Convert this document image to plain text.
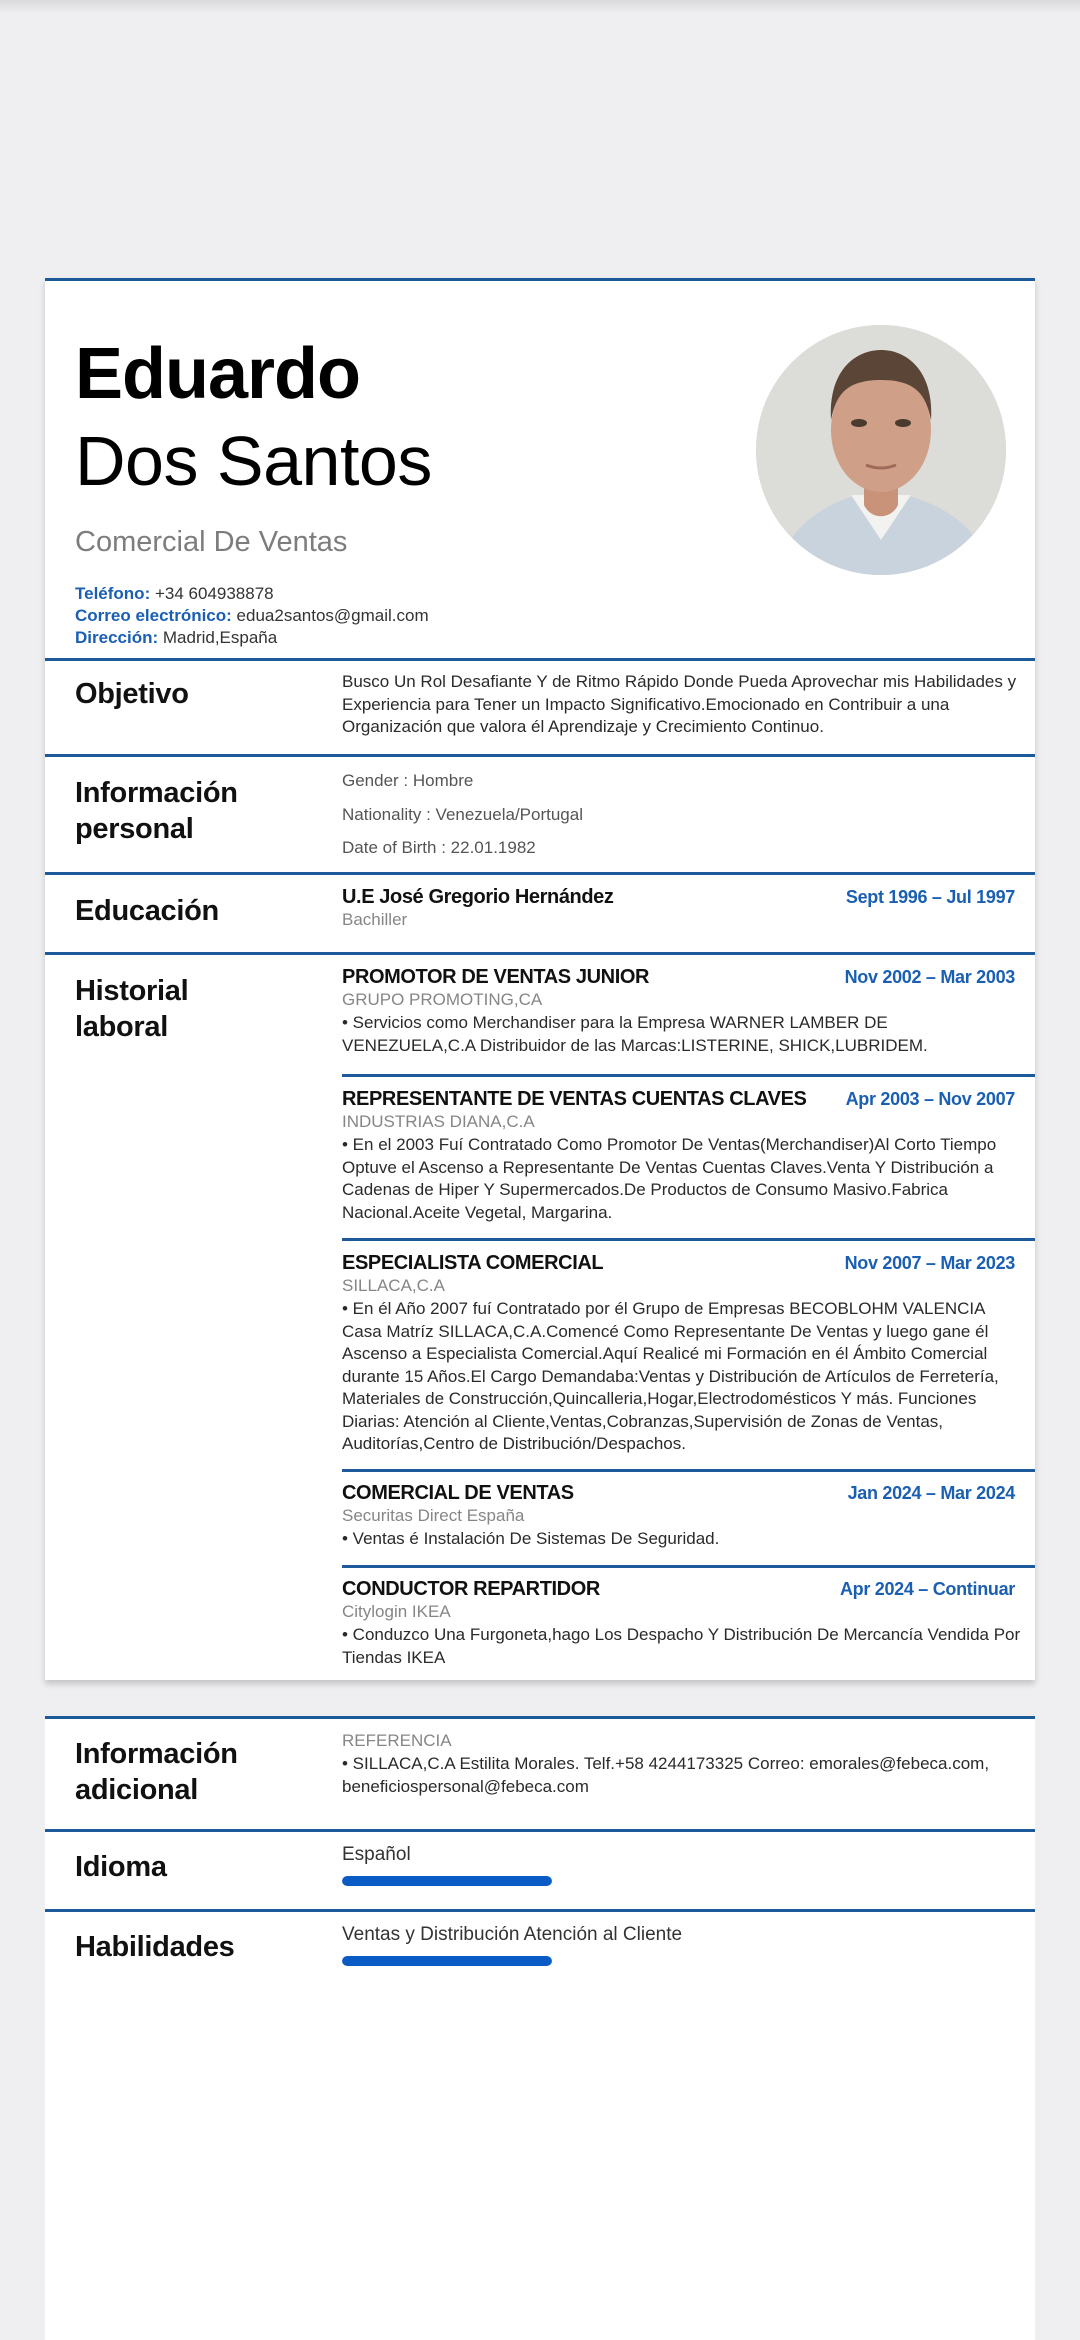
Eduardo
Dos Santos
Comercial De Ventas
Teléfono: +34 604938878
Correo electrónico: edua2santos@gmail.com
Dirección: Madrid,España
Objetivo	Busco Un Rol Desafiante Y de Ritmo Rápido Donde Pueda Aprovechar mis Habilidades y Experiencia para Tener un Impacto Significativo.Emocionado en Contribuir a una Organización que valora él Aprendizaje y Crecimiento Continuo.
Información
personal
Gender : Hombre
Nationality : Venezuela/Portugal
Date of Birth : 22.01.1982
Educación	U.E José Gregorio Hernández	Sept 1996 – Jul 1997
Bachiller
Historial
laboral
PROMOTOR DE VENTAS JUNIOR	Nov 2002 – Mar 2003
GRUPO PROMOTING,CA
• Servicios como Merchandiser para la Empresa WARNER LAMBER DE VENEZUELA,C.A Distribuidor de las Marcas:LISTERINE, SHICK,LUBRIDEM.
REPRESENTANTE DE VENTAS CUENTAS CLAVES Apr 2003 – Nov 2007
INDUSTRIAS DIANA,C.A
• En el 2003 Fuí Contratado Como Promotor De Ventas(Merchandiser)Al Corto Tiempo Optuve el Ascenso a Representante De Ventas Cuentas Claves.Venta Y Distribución a Cadenas de Hiper Y Supermercados.De Productos de Consumo Masivo.Fabrica Nacional.Aceite Vegetal, Margarina.
ESPECIALISTA COMERCIAL	Nov 2007 – Mar 2023
SILLACA,C.A
• En él Año 2007 fuí Contratado por él Grupo de Empresas BECOBLOHM VALENCIA Casa Matríz SILLACA,C.A.Comencé Como Representante De Ventas y luego gane él Ascenso a Especialista Comercial.Aquí Realicé mi Formación en él Ámbito Comercial durante 15 Años.El Cargo Demandaba:Ventas y Distribución de Artículos de Ferretería, Materiales de Construcción,Quincalleria,Hogar,Electrodomésticos Y más. Funciones Diarias: Atención al Cliente,Ventas,Cobranzas,Supervisión de Zonas de Ventas, Auditorías,Centro de Distribución/Despachos.
COMERCIAL DE VENTAS	Jan 2024 – Mar 2024
Securitas Direct España
• Ventas é Instalación De Sistemas De Seguridad.
CONDUCTOR REPARTIDOR	Apr 2024 – Continuar
Citylogin IKEA
• Conduzco Una Furgoneta,hago Los Despacho Y Distribución De Mercancía Vendida Por Tiendas IKEA
Información
adicional
REFERENCIA
• SILLACA,C.A Estilita Morales. Telf.+58 4244173325 Correo: emorales@febeca.com, beneficiospersonal@febeca.com
Idioma	Español
Habilidades	Ventas y Distribución Atención al Cliente
